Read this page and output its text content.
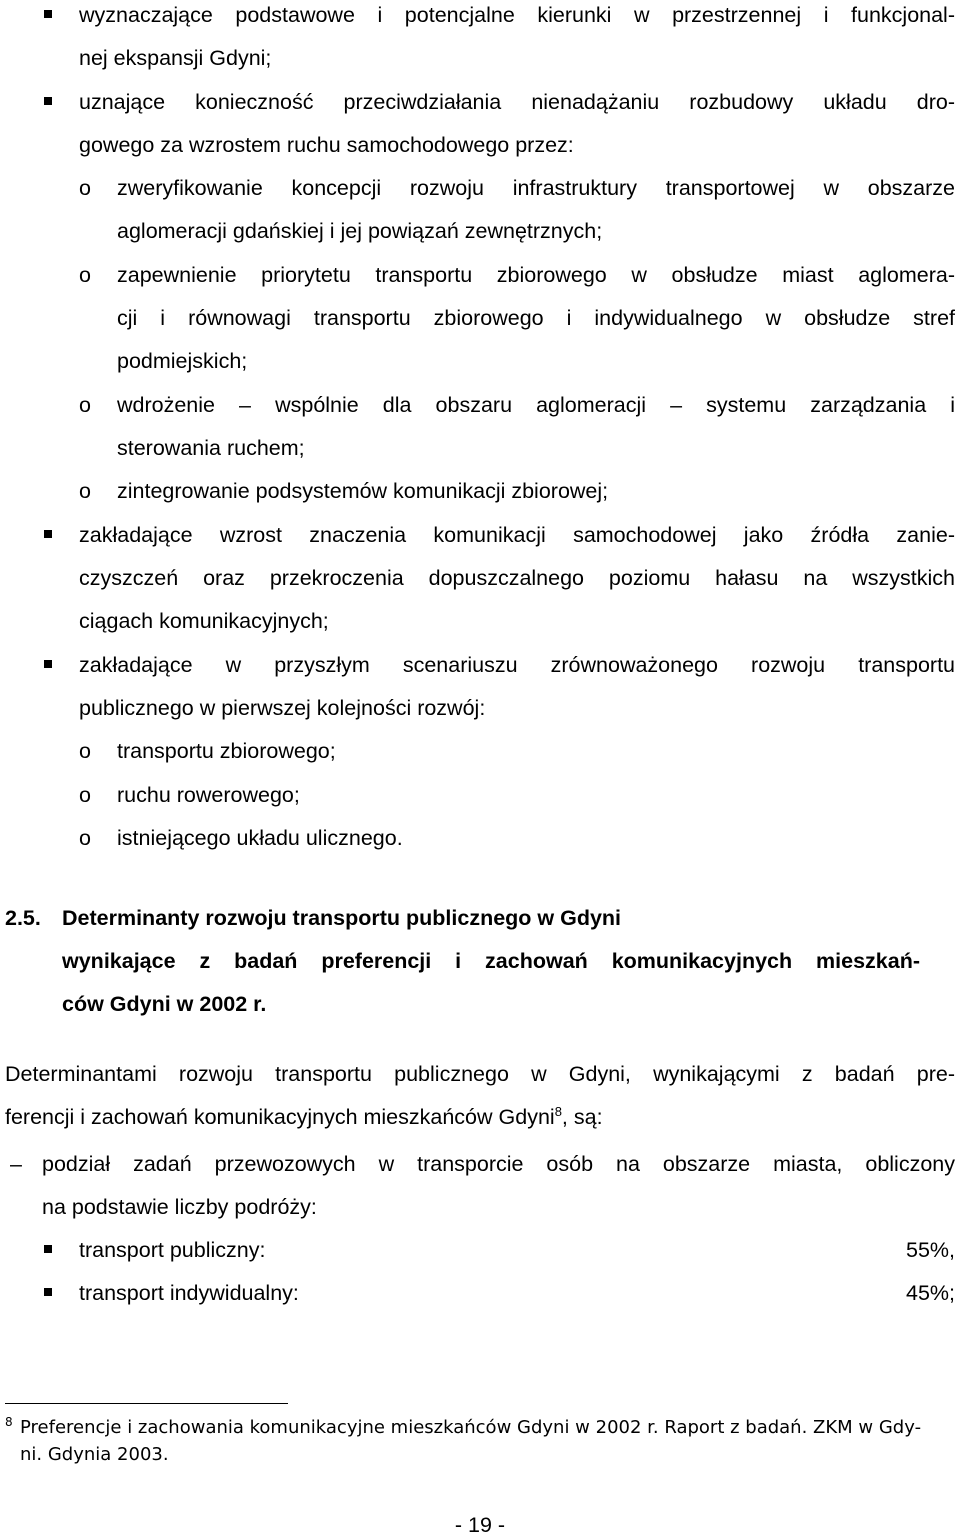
wyznaczające podstawowe i potencjalne kierunki w przestrzennej i funkcjonal-
nej ekspansji Gdyni;
uznające konieczność przeciwdziałania nienadążaniu rozbudowy układu dro-
gowego za wzrostem ruchu samochodowego przez:
o zweryfikowanie koncepcji rozwoju infrastruktury transportowej w obszarze
aglomeracji gdańskiej i jej powiązań zewnętrznych;
o zapewnienie priorytetu transportu zbiorowego w obsłudze miast aglomera-
cji i równowagi transportu zbiorowego i indywidualnego w obsłudze stref
podmiejskich;
o wdrożenie – wspólnie dla obszaru aglomeracji – systemu zarządzania i
sterowania ruchem;
o zintegrowanie podsystemów komunikacji zbiorowej;
zakładające wzrost znaczenia komunikacji samochodowej jako źródła zanie-
czyszczeń oraz przekroczenia dopuszczalnego poziomu hałasu na wszystkich
ciągach komunikacyjnych;
zakładające w przyszłym scenariuszu zrównoważonego rozwoju transportu
publicznego w pierwszej kolejności rozwój:
o transportu zbiorowego;
o ruchu rowerowego;
o istniejącego układu ulicznego.
2.5. Determinanty rozwoju transportu publicznego w Gdyni
wynikające z badań preferencji i zachowań komunikacyjnych mieszkań-
ców Gdyni w 2002 r.
Determinantami rozwoju transportu publicznego w Gdyni, wynikającymi z badań pre-
ferencji i zachowań komunikacyjnych mieszkańców Gdyni$^8$, są:
– podział zadań przewozowych w transporcie osób na obszarze miasta, obliczony
na podstawie liczby podróży:
transport publiczny:	55%,
transport indywidualny:	45%;
$^8$ Preferencje i zachowania komunikacyjne mieszkańców Gdyni w 2002 r. Raport z badań. ZKM w Gdy-
ni. Gdynia 2003.
- 19 -
